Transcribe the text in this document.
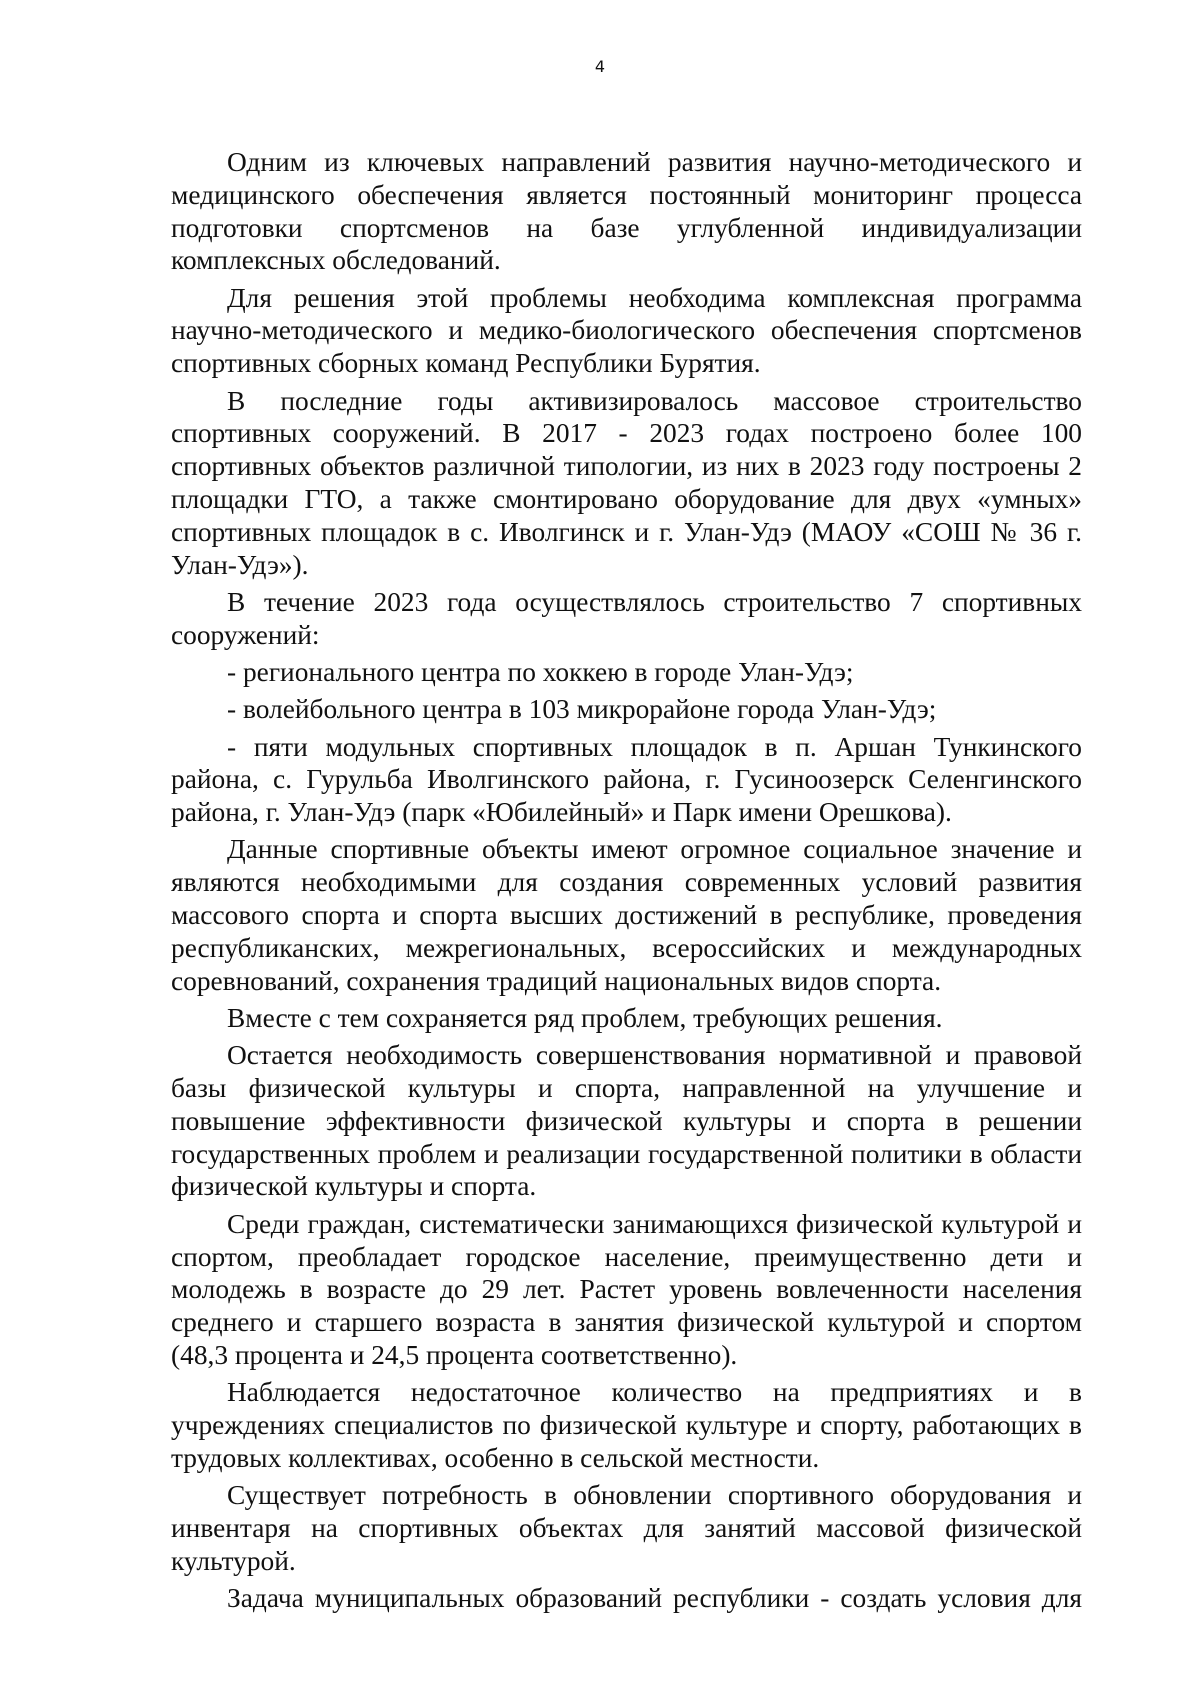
4

Одним из ключевых направлений развития научно-методического и медицинского обеспечения является постоянный мониторинг процесса подготовки спортсменов на базе углубленной индивидуализации комплексных обследований.

Для решения этой проблемы необходима комплексная программа научно-методического и медико-биологического обеспечения спортсменов спортивных сборных команд Республики Бурятия.

В последние годы активизировалось массовое строительство спортивных сооружений. В 2017 - 2023 годах построено более 100 спортивных объектов различной типологии, из них в 2023 году построены 2 площадки ГТО, а также смонтировано оборудование для двух «умных» спортивных площадок в с. Иволгинск и г. Улан-Удэ (МАОУ «СОШ № 36 г. Улан-Удэ»).

В течение 2023 года осуществлялось строительство 7 спортивных сооружений:

- регионального центра по хоккею в городе Улан-Удэ;

- волейбольного центра в 103 микрорайоне города Улан-Удэ;

- пяти модульных спортивных площадок в п. Аршан Тункинского района, с. Гурульба Иволгинского района, г. Гусиноозерск Селенгинского района, г. Улан-Удэ (парк «Юбилейный» и Парк имени Орешкова).

Данные спортивные объекты имеют огромное социальное значение и являются необходимыми для создания современных условий развития массового спорта и спорта высших достижений в республике, проведения республиканских, межрегиональных, всероссийских и международных соревнований, сохранения традиций национальных видов спорта.

Вместе с тем сохраняется ряд проблем, требующих решения.

Остается необходимость совершенствования нормативной и правовой базы физической культуры и спорта, направленной на улучшение и повышение эффективности физической культуры и спорта в решении государственных проблем и реализации государственной политики в области физической культуры и спорта.

Среди граждан, систематически занимающихся физической культурой и спортом, преобладает городское население, преимущественно дети и молодежь в возрасте до 29 лет. Растет уровень вовлеченности населения среднего и старшего возраста в занятия физической культурой и спортом (48,3 процента и 24,5 процента соответственно).

Наблюдается недостаточное количество на предприятиях и в учреждениях специалистов по физической культуре и спорту, работающих в трудовых коллективах, особенно в сельской местности.

Существует потребность в обновлении спортивного оборудования и инвентаря на спортивных объектах для занятий массовой физической культурой.

Задача муниципальных образований республики - создать условия для
